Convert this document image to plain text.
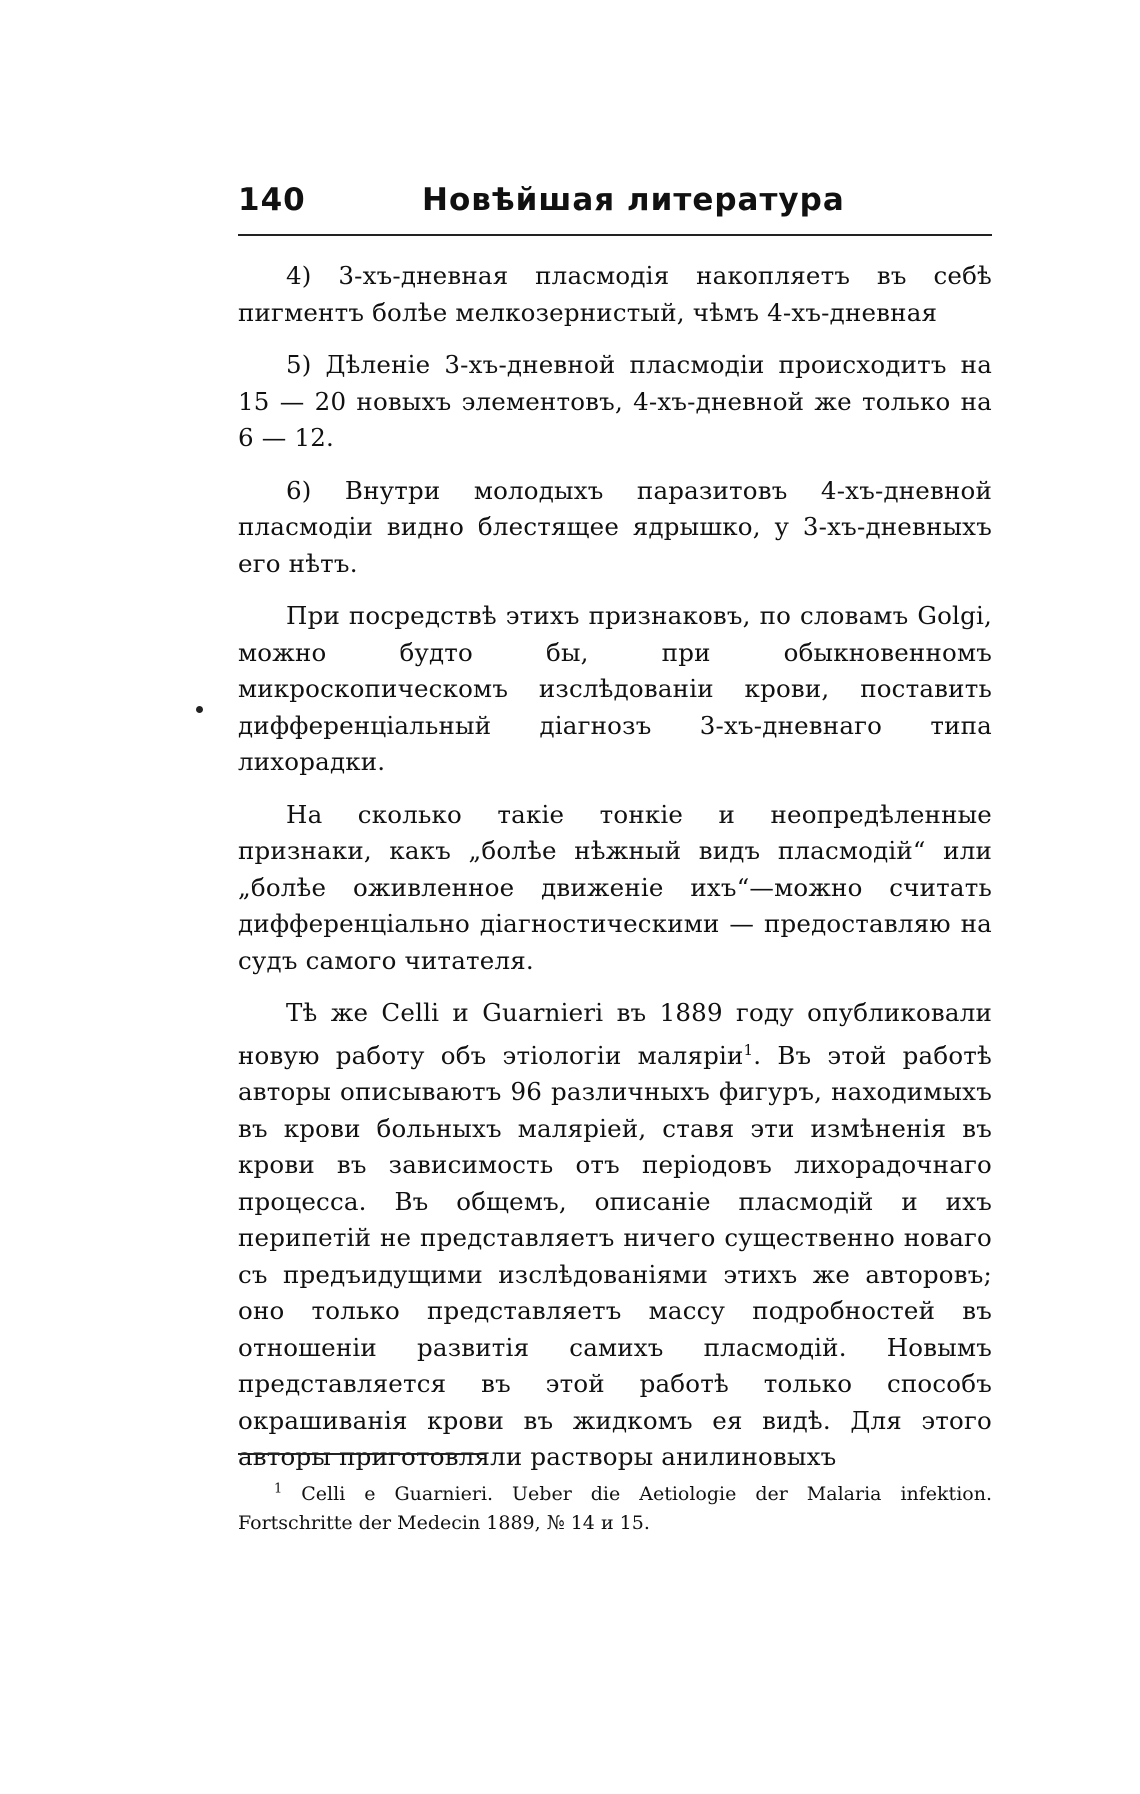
140	Новѣйшая литература

4) 3-хъ-дневная пласмодія накопляетъ въ себѣ пигментъ болѣе мелкозернистый, чѣмъ 4-хъ-дневная

5) Дѣленіе 3-хъ-дневной пласмодіи происходитъ на 15 — 20 новыхъ элементовъ, 4-хъ-дневной же только на 6 — 12.

6) Внутри молодыхъ паразитовъ 4-хъ-дневной пласмодіи видно блестящее ядрышко, у 3-хъ-дневныхъ его нѣтъ.

При посредствѣ этихъ признаковъ, по словамъ Golgi, можно будто бы, при обыкновенномъ микроскопическомъ изслѣдованіи крови, поставить дифференціальный діагнозъ 3-хъ-дневнаго типа лихорадки.

На сколько такіе тонкіе и неопредѣленные признаки, какъ „болѣе нѣжный видъ пласмодій“ или „болѣе оживленное движеніе ихъ“—можно считать дифференціально діагностическими — предоставляю на судъ самого читателя.

Тѣ же Celli и Guarnieri въ 1889 году опубликовали новую работу объ этіологіи маляріи$^1$. Въ этой работѣ авторы описываютъ 96 различныхъ фигуръ, находимыхъ въ крови больныхъ маляріей, ставя эти измѣненія въ крови въ зависимость отъ періодовъ лихорадочнаго процесса. Въ общемъ, описаніе пласмодій и ихъ перипетій не представляетъ ничего существенно новаго съ предъидущими изслѣдованіями этихъ же авторовъ; оно только представляетъ массу подробностей въ отношеніи развитія самихъ пласмодій. Новымъ представляется въ этой работѣ только способъ окрашиванія крови въ жидкомъ ея видѣ. Для этого авторы приготовляли растворы анилиновыхъ

$^1$ Celli e Guarnieri. Ueber die Aetiologie der Malaria infektion. Fortschritte der Medecin 1889, № 14 и 15.
